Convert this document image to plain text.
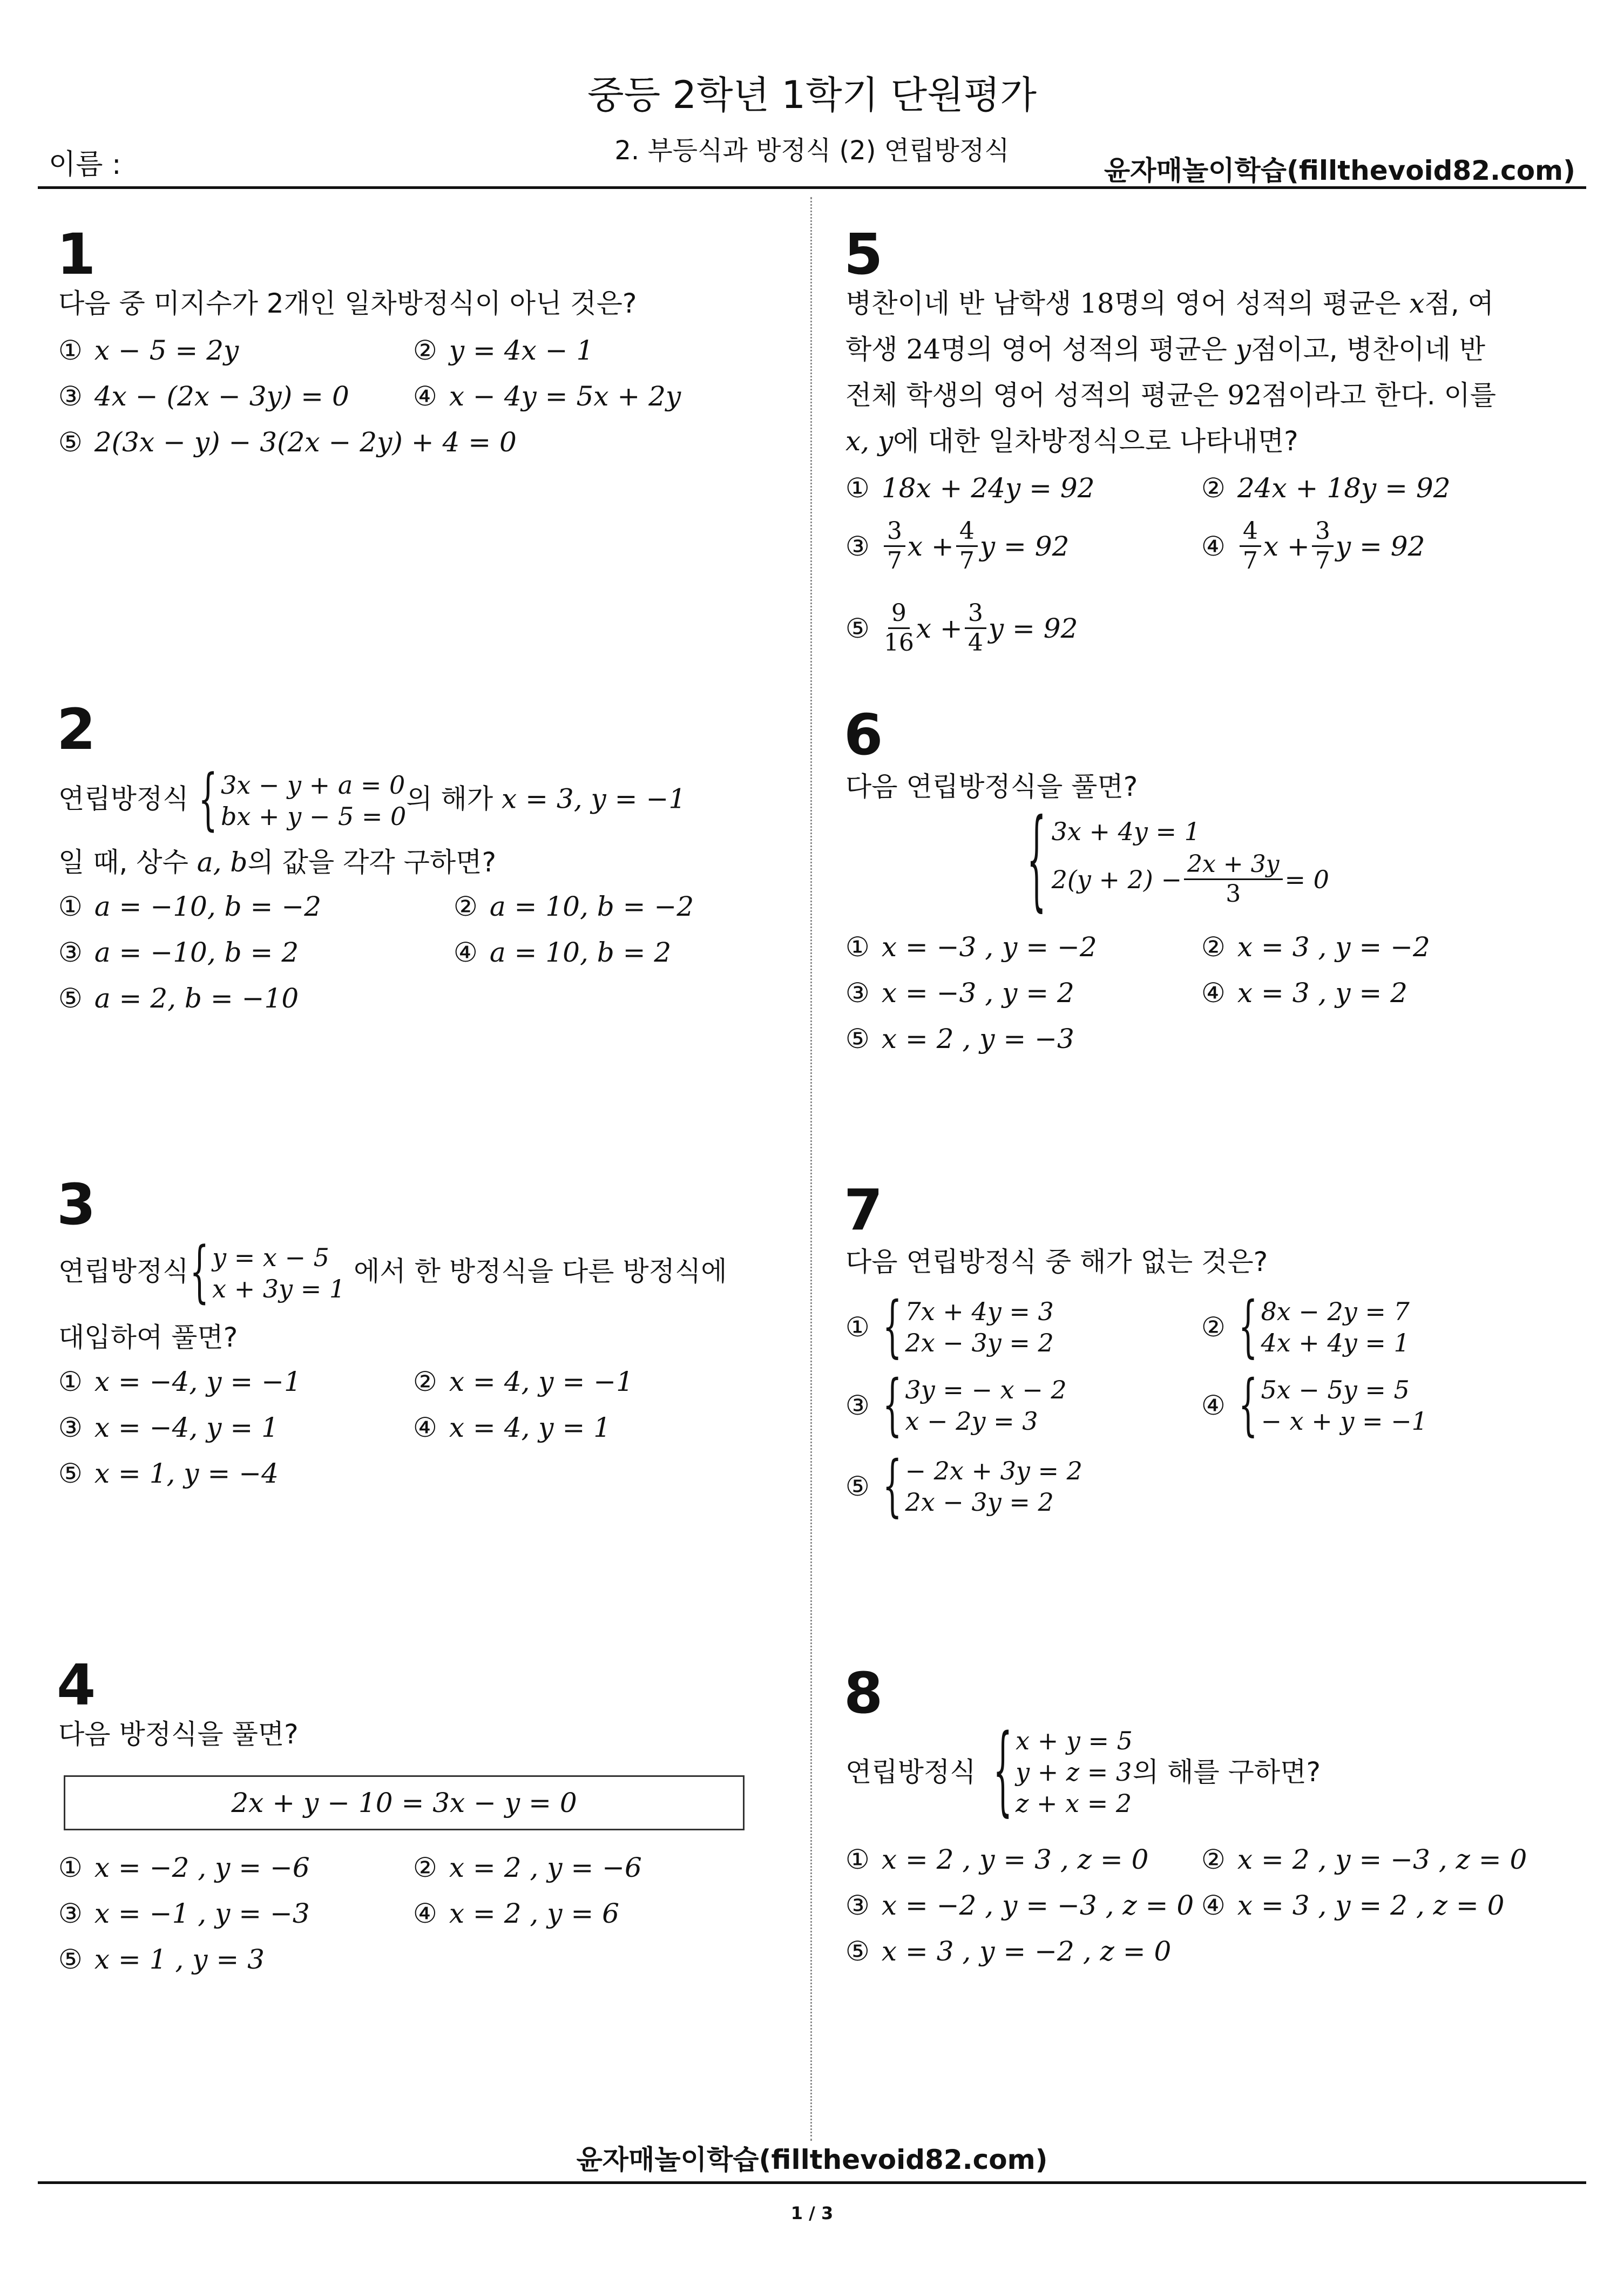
중등 2학년 1학기 단원평가
2. 부등식과 방정식 (2) 연립방정식
이름 :	윤자매놀이학습(fillthevoid82.com)
1
다음 중 미지수가 2개인 일차방정식이 아닌 것은?
① x − 5 = 2y	② y = 4x − 1
③ 4x − (2x − 3y) = 0 ④ x − 4y = 5x + 2y
⑤ 2(3x − y) − 3(2x − 2y) + 4 = 0
2
연립방정식 { 3x − y + a = 0
bx + y − 5 = 0
의 해가 x = 3, y = −1
일 때, 상수 a, b의 값을 각각 구하면?
① a = −10, b = −2	② a = 10, b = −2
③ a = −10, b = 2	④ a = 10, b = 2
⑤ a = 2, b = −10
3
연립방정식 { y = x − 5
x + 3y = 1
에서 한 방정식을 다른 방정식에
대입하여 풀면?
① x = −4, y = −1	② x = 4, y = −1
③ x = −4, y = 1	④ x = 4, y = 1
⑤ x = 1, y = −4
4
다음 방정식을 풀면?
2x + y − 10 = 3x − y = 0
① x = −2 , y = −6	② x = 2 , y = −6
③ x = −1 , y = −3	④ x = 2 , y = 6
⑤ x = 1 , y = 3
5
병찬이네 반 남학생 18명의 영어 성적의 평균은 x점, 여
학생 24명의 영어 성적의 평균은 y점이고, 병찬이네 반
전체 학생의 영어 성적의 평균은 92점이라고 한다. 이를
x, y에 대한 일차방정식으로 나타내면?
① 18x + 24y = 92	② 24x + 18y = 92
③ $\frac{3}{7}$ $x + \frac{4}{7}$ y = 92	④ $\frac{4}{7}$ $x + \frac{3}{7}$ y = 92
⑤ $\frac{9}{16}$ $x + \frac{3}{4}$ y = 92
6
다음 연립방정식을 풀면?
{ 3x + 4y = 1
$2(y + 2) - \frac{2x + 3y}{3} = 0$
① x = −3 , y = −2	② x = 3 , y = −2
③ x = −3 , y = 2	④ x = 3 , y = 2
⑤ x = 2 , y = −3
7
다음 연립방정식 중 해가 없는 것은?
① { 7x + 4y = 3
2x − 3y = 2	② { 8x − 2y = 7
4x + 4y = 1
③ { 3y = − x − 2
x − 2y = 3	④ { 5x − 5y = 5
− x + y = −1
⑤ { − 2x + 3y = 2
2x − 3y = 2
8
연립방정식 { x + y = 5
y + z = 3
z + x = 2
의 해를 구하면?
① x = 2 , y = 3 , z = 0 ② x = 2 , y = −3 , z = 0
③ x = −2 , y = −3 , z = 0 ④ x = 3 , y = 2 , z = 0
⑤ x = 3 , y = −2 , z = 0
윤자매놀이학습(fillthevoid82.com)
1 / 3
